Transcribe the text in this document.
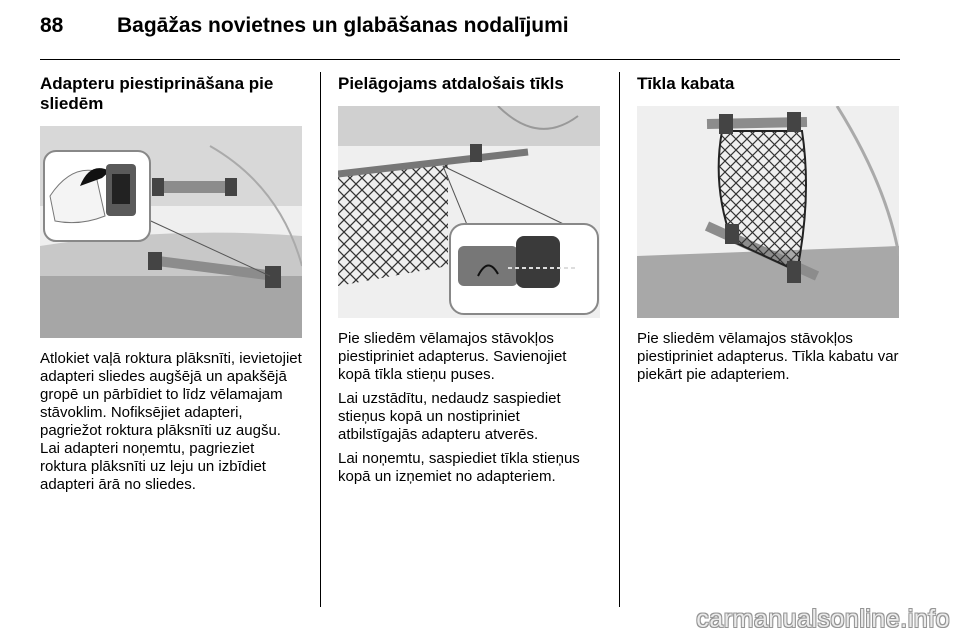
88	Bagāžas novietnes un glabāšanas nodalījumi
Adapteru piestiprināšana pie sliedēm

Atlokiet vaļā roktura plāksnīti, ievietojiet adapteri sliedes augšējā un apakšējā gropē un pārbīdiet to līdz vēlamajam stāvoklim. Nofiksējiet adapteri, pagriežot roktura plāksnīti uz augšu. Lai adapteri noņemtu, pagrieziet roktura plāksnīti uz leju un izbīdiet adapteri ārā no sliedes.

Pielāgojams atdalošais tīkls

Pie sliedēm vēlamajos stāvokļos piestipriniet adapterus. Savienojiet kopā tīkla stieņu puses.

Lai uzstādītu, nedaudz saspiediet stieņus kopā un nostipriniet atbilstīgajās adapteru atverēs.

Lai noņemtu, saspiediet tīkla stieņus kopā un izņemiet no adapteriem.

Tīkla kabata

Pie sliedēm vēlamajos stāvokļos piestipriniet adapterus. Tīkla kabatu var piekārt pie adapteriem.

carmanualsonline.info
